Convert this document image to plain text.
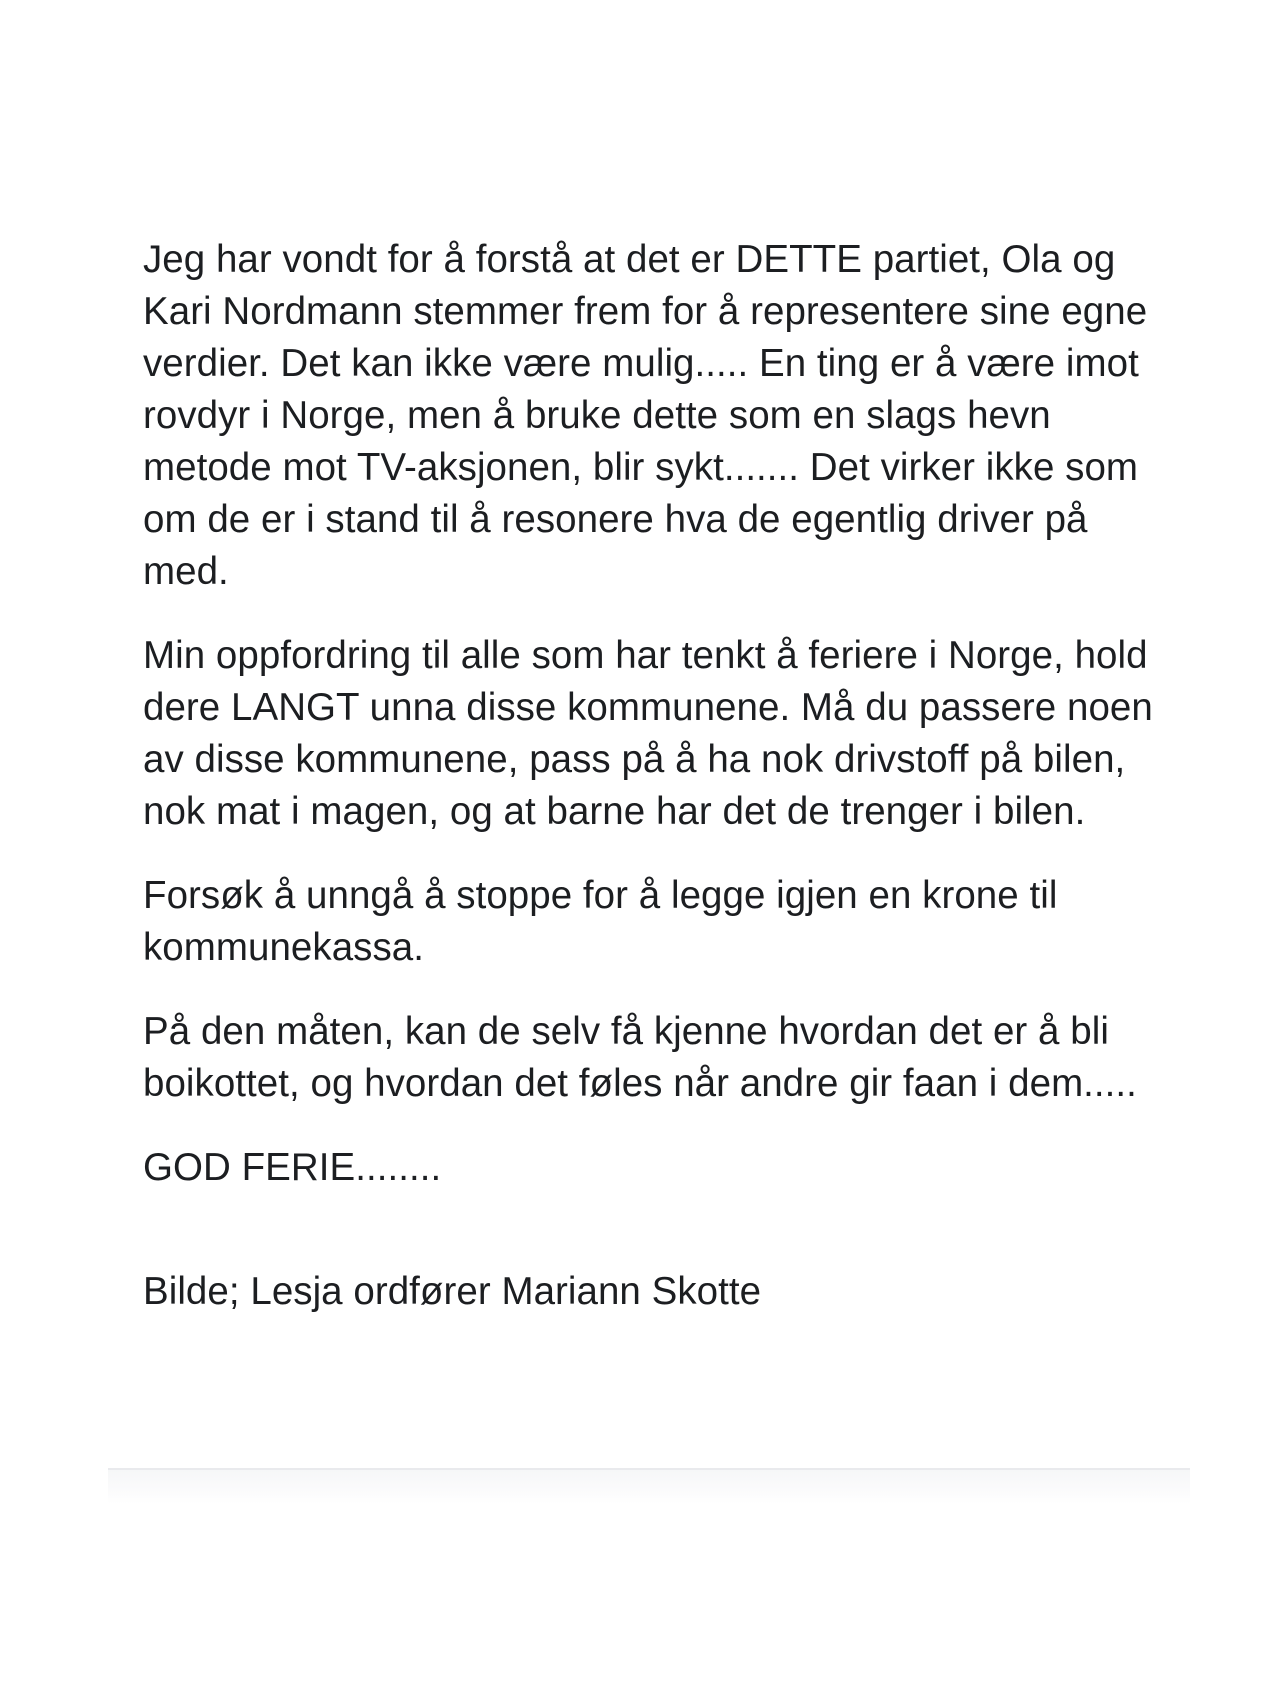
Jeg har vondt for å forstå at det er DETTE partiet, Ola og Kari Nordmann stemmer frem for å representere sine egne verdier. Det kan ikke være mulig..... En ting er å være imot rovdyr i Norge, men å bruke dette som en slags hevn metode mot TV-aksjonen, blir sykt....... Det virker ikke som om de er i stand til å resonere hva de egentlig driver på med.

Min oppfordring til alle som har tenkt å feriere i Norge, hold dere LANGT unna disse kommunene. Må du passere noen av disse kommunene, pass på å ha nok drivstoff på bilen, nok mat i magen, og at barne har det de trenger i bilen.

Forsøk å unngå å stoppe for å legge igjen en krone til kommunekassa.

På den måten, kan de selv få kjenne hvordan det er å bli boikottet, og hvordan det føles når andre gir faan i dem.....

GOD FERIE........

Bilde; Lesja ordfører Mariann Skotte
